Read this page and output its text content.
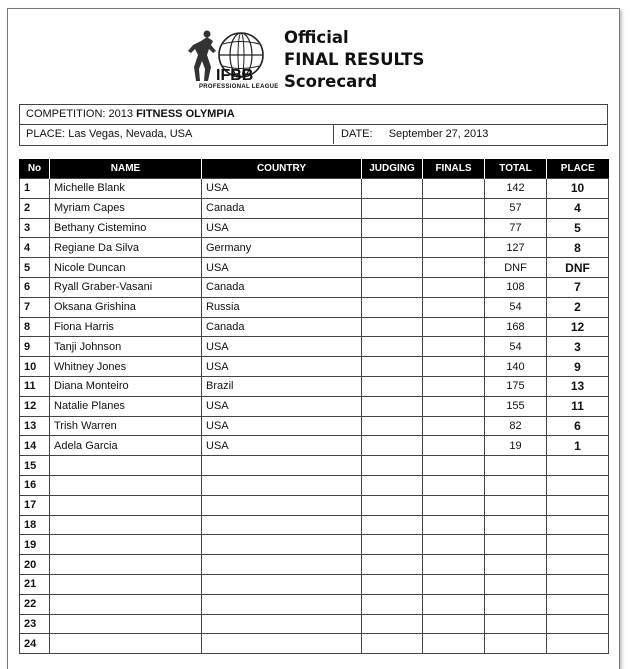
IFBB
PROFESSIONAL LEAGUE
Official
FINAL RESULTS
Scorecard
COMPETITION: 2013 FITNESS OLYMPIA
PLACE: Las Vegas, Nevada, USA	DATE: September 27, 2013
No	NAME	COUNTRY	JUDGING	FINALS	TOTAL	PLACE
1	Michelle Blank	USA			142	10
2	Myriam Capes	Canada			57	4
3	Bethany Cistemino	USA			77	5
4	Regiane Da Silva	Germany			127	8
5	Nicole Duncan	USA			DNF	DNF
6	Ryall Graber-Vasani	Canada			108	7
7	Oksana Grishina	Russia			54	2
8	Fiona Harris	Canada			168	12
9	Tanji Johnson	USA			54	3
10	Whitney Jones	USA			140	9
11	Diana Monteiro	Brazil			175	13
12	Natalie Planes	USA			155	11
13	Trish Warren	USA			82	6
14	Adela Garcia	USA			19	1
15						
16						
17						
18						
19						
20						
21						
22						
23						
24						
